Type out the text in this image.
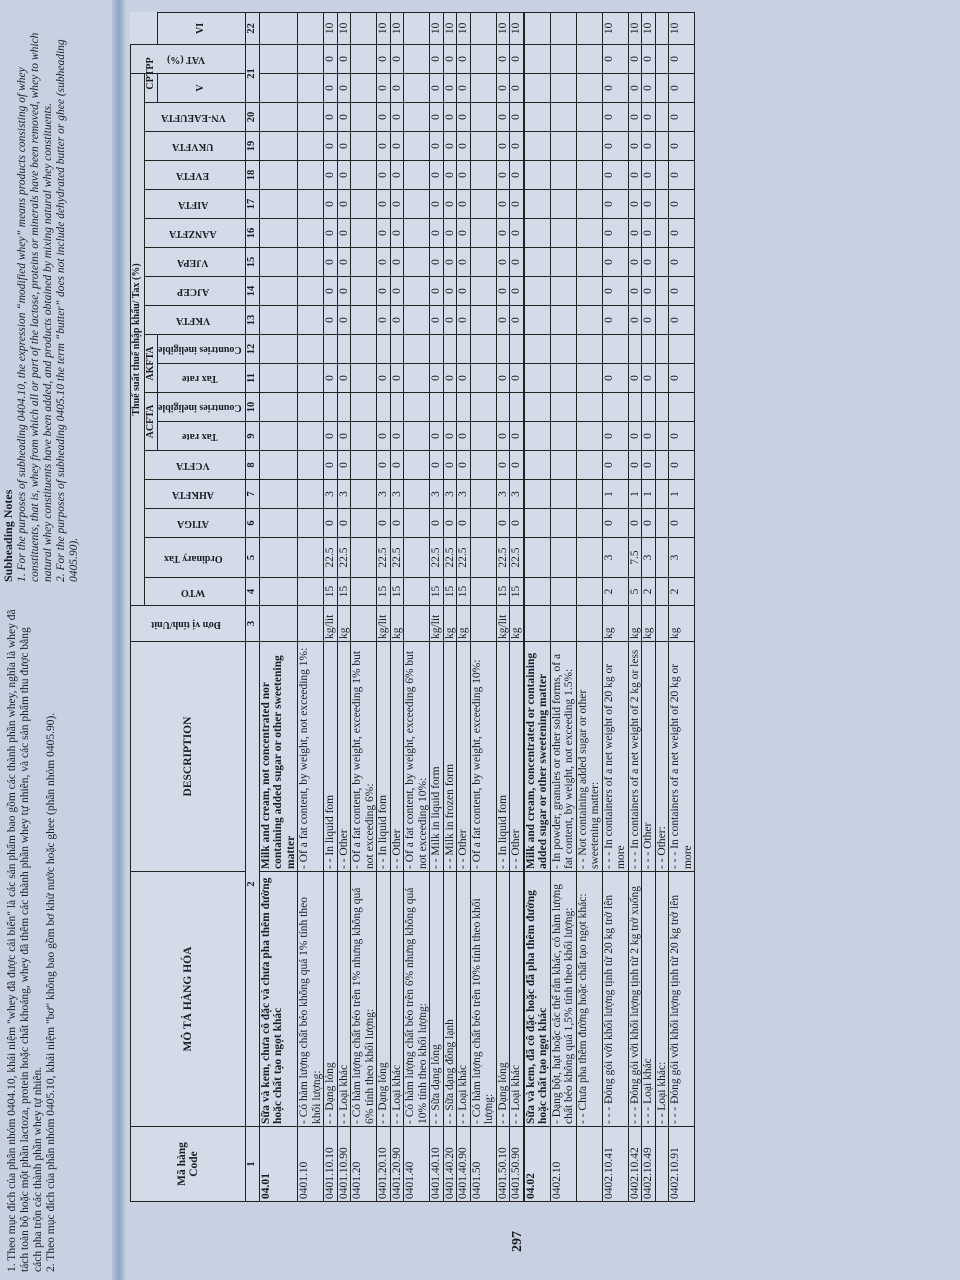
1. Theo mục đích của phân nhóm 0404.10, khái niệm "whey đã được cải biến" là các sản phẩm bao gồm các thành phần whey, nghĩa là whey đã tách toàn bộ hoặc một phần lactoza, protein hoặc chất khoáng, whey đã thêm các thành phần whey tự nhiên, và các sản phẩm thu được bằng cách pha trộn các thành phần whey tự nhiên. 2. Theo mục đích của phân nhóm 0405.10, khái niệm "bơ" không bao gồm bơ khử nước hoặc ghee (phân nhóm 0405.90).

Subheading Notes 1. For the purposes of subheading 0404.10, the expression “modified whey” means products consisting of whey constituents, that is, whey from which all or part of the lactose, proteins or minerals have been removed, whey to which natural whey constituents have been added, and products obtained by mixing natural whey constituents. 2. For the purposes of subheading 0405.10 the term “butter” does not include dehydrated butter or ghee (subheading 0405.90).

297
Mã hàng Code	MÔ TẢ HÀNG HÓA	DESCRIPTION	Đơn vị tính/Unit	Thuế suất thuế nhập khẩu/ Tax (%)																		VAT (%)	
				WTO	Ordinary Tax	ATIGA	AHKFTA	VCFTA	ACFTA		AKFTA		VKFTA	AJCEP	VJEPA	AANZFTA	AIFTA	EVFTA	UKVFTA	VN-EAEUFTA	CPTPP		
									Tax rate	Countries ineligible	Tax rate	Countries ineligible									V		VI
1	2		3	4	5	6	7	8	9	10	11	12	13	14	15	16	17	18	19	20	21		22
04.01	Sữa và kem, chưa cô đặc và chưa pha thêm đường hoặc chất tạo ngọt khác	Milk and cream, not concentrated nor containing added sugar or other sweetening matter																					
0401.10	- Có hàm lượng chất béo không quá 1% tính theo khối lượng:	- Of a fat content, by weight, not exceeding 1%:																					
0401.10.10	- - Dạng lỏng	- - In liquid fom	kg/lit	15	22.5	0	3	0	0		0		0	0	0	0	0	0	0	0	0	0	10
0401.10.90	- - Loại khác	- - Other	kg	15	22.5	0	3	0	0		0		0	0	0	0	0	0	0	0	0	0	10
0401.20	- Có hàm lượng chất béo trên 1% nhưng không quá 6% tính theo khối lượng:	- Of a fat content, by weight, exceeding 1% but not exceeding 6%:																					
0401.20.10	- - Dạng lỏng	- - In liquid fom	kg/lit	15	22.5	0	3	0	0		0		0	0	0	0	0	0	0	0	0	0	10
0401.20.90	- - Loại khác	- - Other	kg	15	22.5	0	3	0	0		0		0	0	0	0	0	0	0	0	0	0	10
0401.40	- Có hàm lượng chất béo trên 6% nhưng không quá 10% tính theo khối lượng:	- Of a fat content, by weight, exceeding 6% but not exceeding 10%:																					
0401.40.10	- - Sữa dạng lỏng	- - Milk in liquid form	kg/lit	15	22.5	0	3	0	0		0		0	0	0	0	0	0	0	0	0	0	10
0401.40.20	- - Sữa dạng đông lạnh	- - Milk in frozen form	kg	15	22.5	0	3	0	0		0		0	0	0	0	0	0	0	0	0	0	10
0401.40.90	- - Loại khác	- - Other	kg	15	22.5	0	3	0	0		0		0	0	0	0	0	0	0	0	0	0	10
0401.50	- Có hàm lượng chất béo trên 10% tính theo khối lượng:	- Of a fat content, by weight, exceeding 10%:																					
0401.50.10	- - Dạng lỏng	- - In liquid fom	kg/lit	15	22.5	0	3	0	0		0		0	0	0	0	0	0	0	0	0	0	10
0401.50.90	- - Loại khác	- - Other	kg	15	22.5	0	3	0	0		0		0	0	0	0	0	0	0	0	0	0	10

04.02	Sữa và kem, đã cô đặc hoặc đã pha thêm đường hoặc chất tạo ngọt khác	Milk and cream, concentrated or containing added sugar or other sweetening matter																					
0402.10	- Dạng bột, hạt hoặc các thể rắn khác, có hàm lượng chất béo không quá 1,5% tính theo khối lượng:	- In powder, granules or other solid forms, of a fat content, by weight, not exceeding 1.5%:																					
	- - Chưa pha thêm đường hoặc chất tạo ngọt khác:	- - Not containing added sugar or other sweetening matter:																					
0402.10.41	- - - Đóng gói với khối lượng tịnh từ 20 kg trở lên	- - - In containers of a net weight of 20 kg or more	kg	2	3	0	1	0	0		0		0	0	0	0	0	0	0	0	0	0	10
0402.10.42	- - - Đóng gói với khối lượng tịnh từ 2 kg trở xuống	- - - In containers of a net weight of 2 kg or less	kg	5	7.5	0	1	0	0		0		0	0	0	0	0	0	0	0	0	0	10
0402.10.49	- - - Loại khác	- - - Other	kg	2	3	0	1	0	0		0		0	0	0	0	0	0	0	0	0	0	10
	- - Loại khác:	- - Other:																					
0402.10.91	- - - Đóng gói với khối lượng tịnh từ 20 kg trở lên	- - - In containers of a net weight of 20 kg or more	kg	2	3	0	1	0	0		0		0	0	0	0	0	0	0	0	0	0	10
